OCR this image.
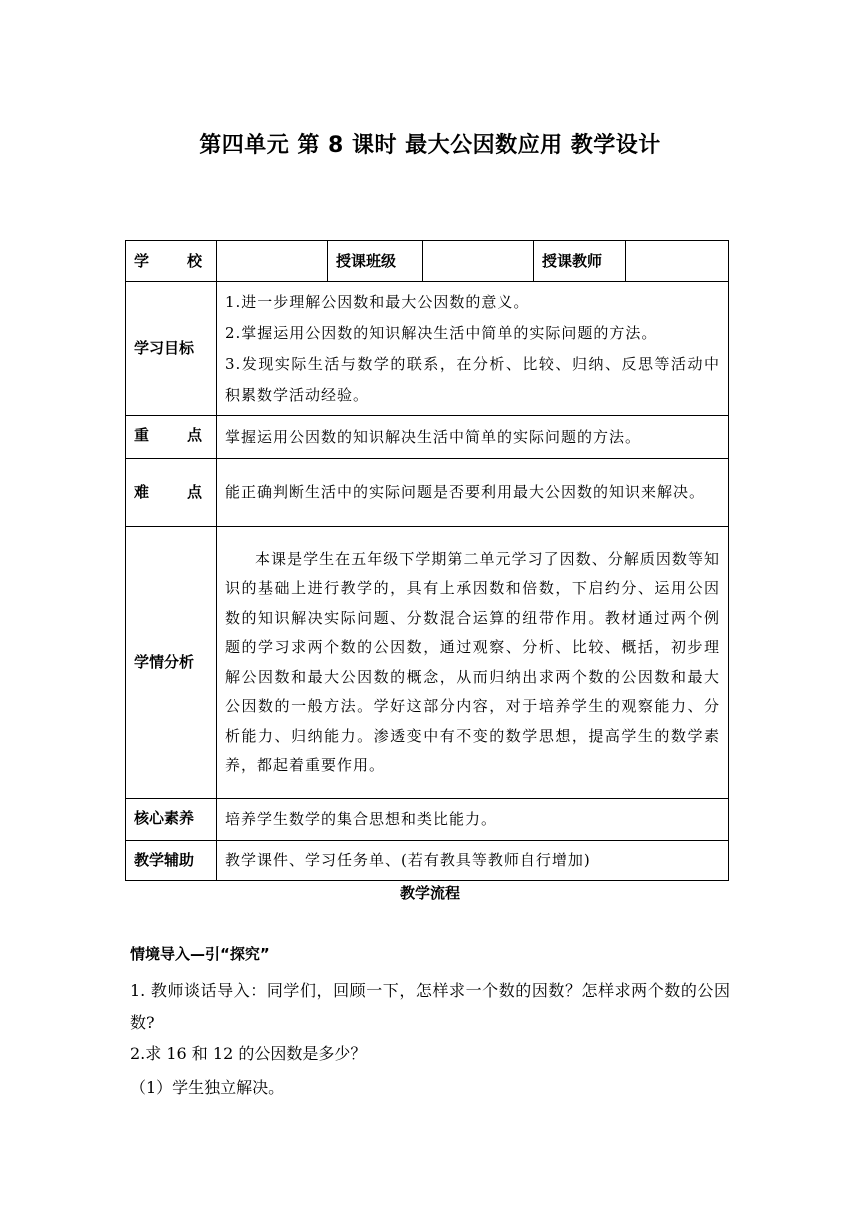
第四单元 第 8 课时 最大公因数应用 教学设计
学 校		授课班级		授课教师	
学习目标	1.进一步理解公因数和最大公因数的意义。
2.掌握运用公因数的知识解决生活中简单的实际问题的方法。
3.发现实际生活与数学的联系，在分析、比较、归纳、反思等活动中积累数学活动经验。				

重 点	掌握运用公因数的知识解决生活中简单的实际问题的方法。				

难 点	能正确判断生活中的实际问题是否要利用最大公因数的知识来解决。				
学情分析	本课是学生在五年级下学期第二单元学习了因数、分解质因数等知识的基础上进行教学的，具有上承因数和倍数，下启约分、运用公因数的知识解决实际问题、分数混合运算的纽带作用。教材通过两个例题的学习求两个数的公因数，通过观察、分析、比较、概括，初步理解公因数和最大公因数的概念，从而归纳出求两个数的公因数和最大公因数的一般方法。学好这部分内容，对于培养学生的观察能力、分析能力、归纳能力。渗透变中有不变的数学思想，提高学生的数学素养，都起着重要作用。				
核心素养	培养学生数学的集合思想和类比能力。				
教学辅助	教学课件、学习任务单、(若有教具等教师自行增加)				
教学流程
情境导入—引“探究”
1. 教师谈话导入：同学们，回顾一下，怎样求一个数的因数？怎样求两个数的公因数?
2.求 16 和 12 的公因数是多少？
（1）学生独立解决。
